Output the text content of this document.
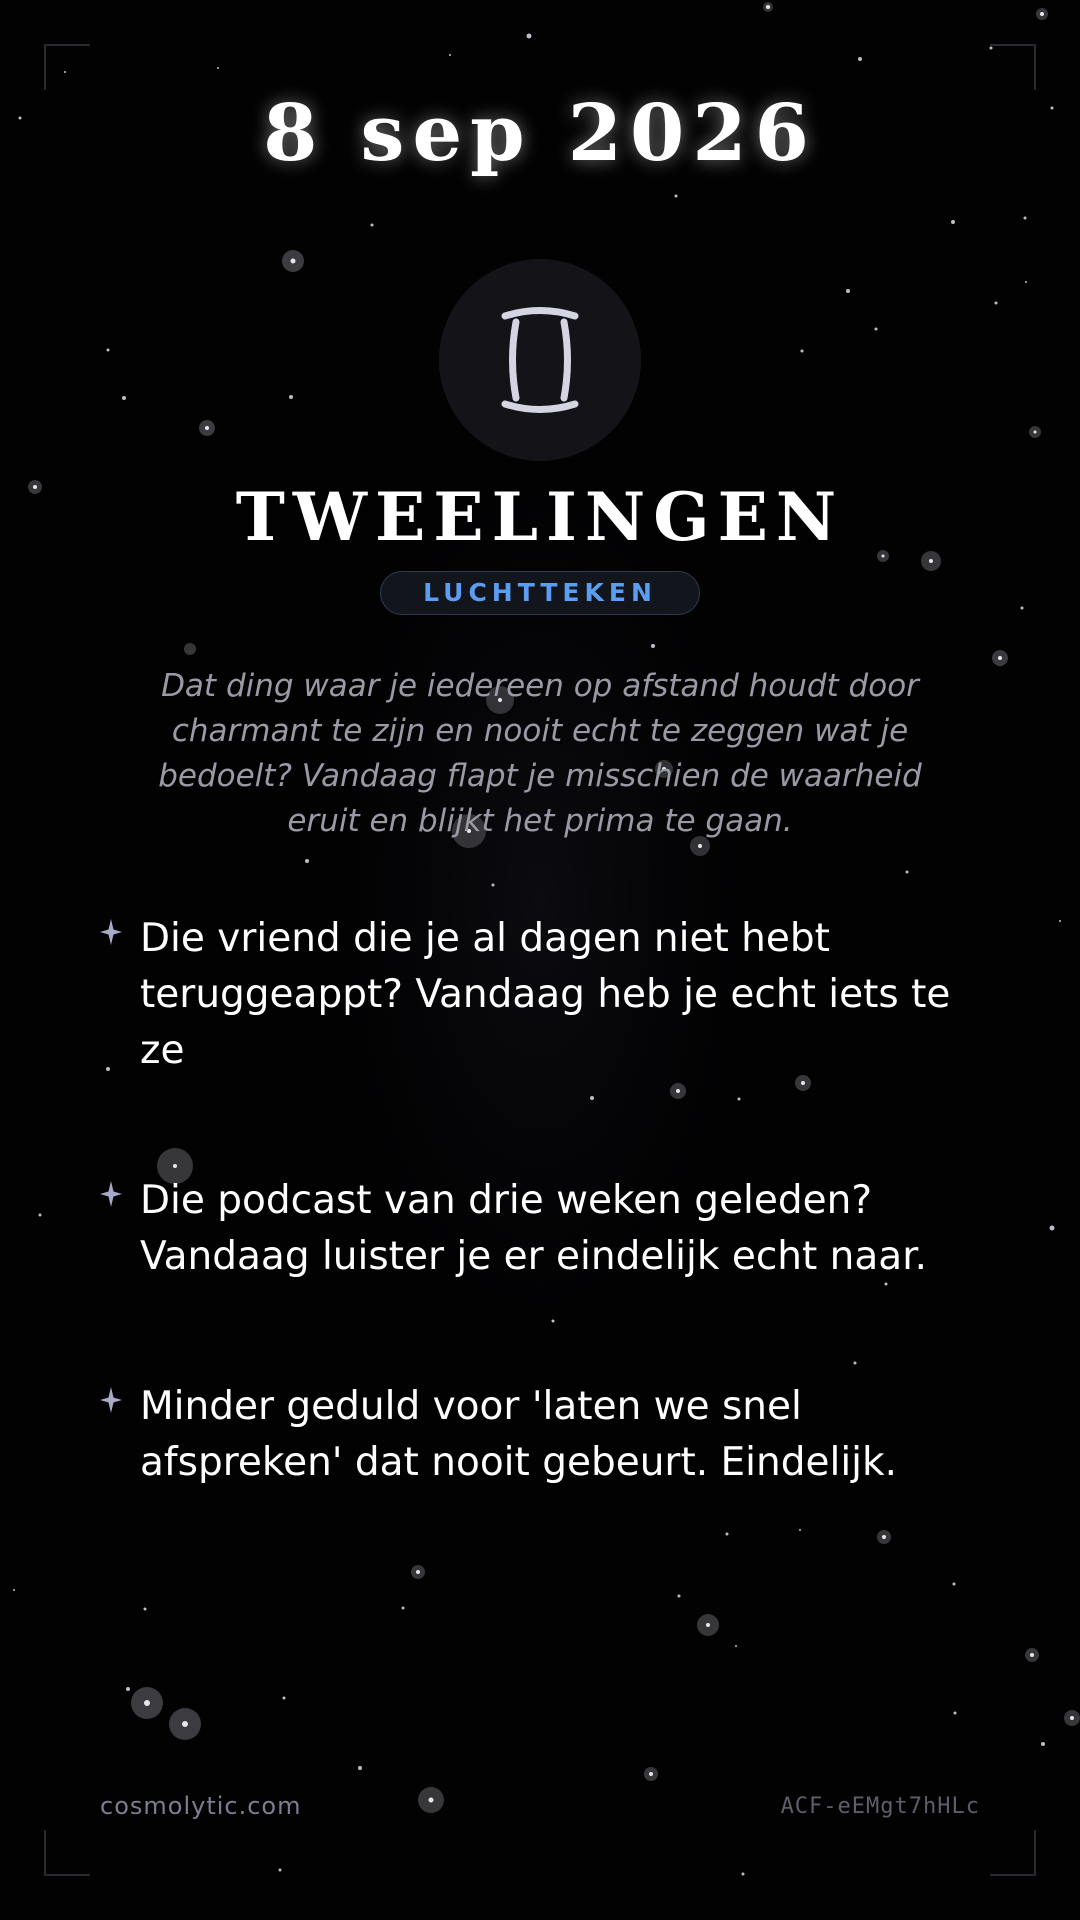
8 sep 2026
TWEELINGEN
LUCHTTEKEN
Dat ding waar je iedereen op afstand houdt door charmant te zijn en nooit echt te zeggen wat je bedoelt? Vandaag flapt je misschien de waarheid eruit en blijkt het prima te gaan.
Die vriend die je al dagen niet hebt teruggeappt? Vandaag heb je echt iets te ze
Die podcast van drie weken geleden? Vandaag luister je er eindelijk echt naar.
Minder geduld voor 'laten we snel afspreken' dat nooit gebeurt. Eindelijk.
cosmolytic.com	ACF-eEMgt7hHLc
